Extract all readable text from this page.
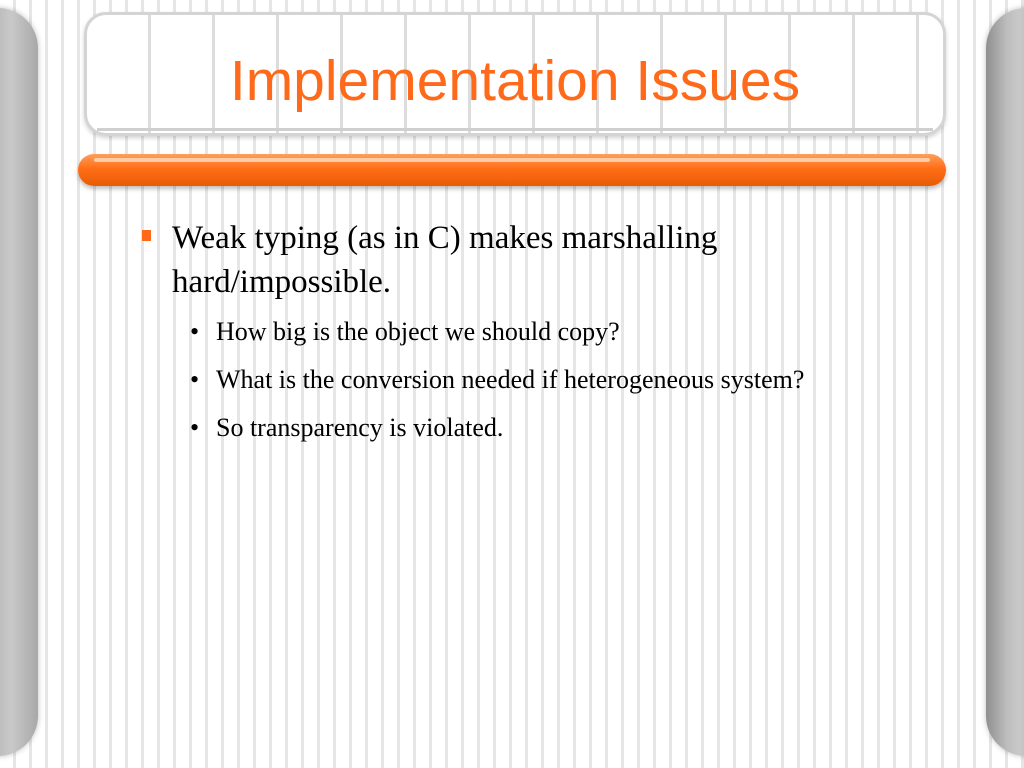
Implementation Issues
Weak typing (as in C) makes marshalling hard/impossible.
• How big is the object we should copy?
• What is the conversion needed if heterogeneous system?
• So transparency is violated.
